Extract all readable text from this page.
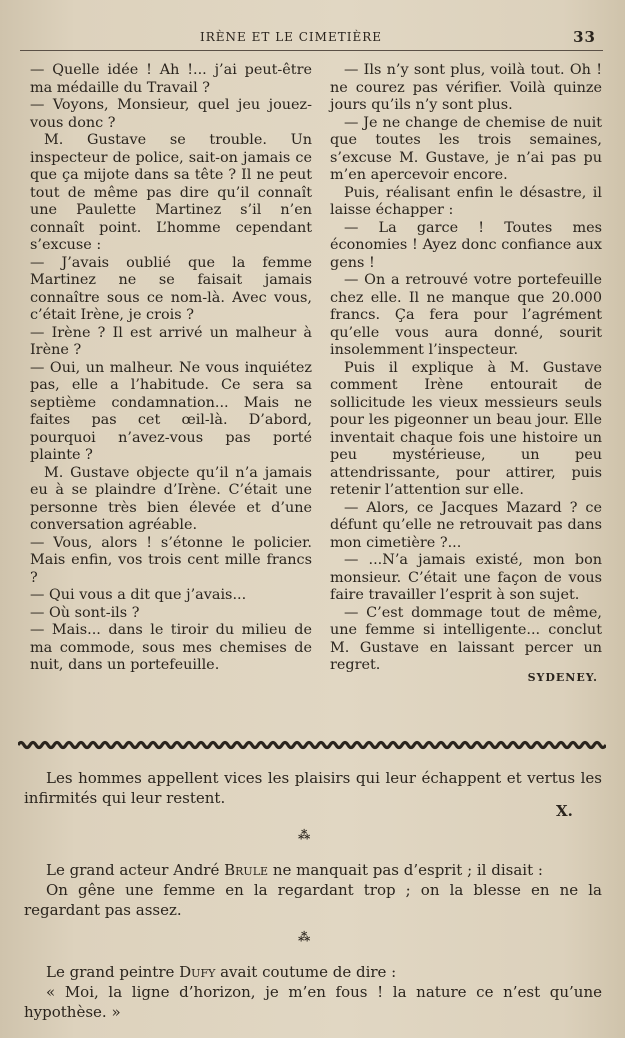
IRÈNE ET LE CIMETIÈRE	33

— Quelle idée ! Ah !... j’ai peut-être ma médaille du Travail ?

— Voyons, Monsieur, quel jeu jouez-vous donc ?

M. Gustave se trouble. Un inspecteur de police, sait-on jamais ce que ça mijote dans sa tête ? Il ne peut tout de même pas dire qu’il connaît une Paulette Martinez s’il n’en connaît point. L’homme cependant s’excuse :

— J’avais oublié que la femme Martinez ne se faisait jamais connaître sous ce nom-là. Avec vous, c’était Irène, je crois ?

— Irène ? Il est arrivé un malheur à Irène ?

— Oui, un malheur. Ne vous inquiétez pas, elle a l’habitude. Ce sera sa septième condamnation... Mais ne faites pas cet œil-là. D’abord, pourquoi n’avez-vous pas porté plainte ?

M. Gustave objecte qu’il n’a jamais eu à se plaindre d’Irène. C’était une personne très bien élevée et d’une conversation agréable.

— Vous, alors ! s’étonne le policier. Mais enfin, vos trois cent mille francs ?

— Qui vous a dit que j’avais...

— Où sont-ils ?

— Mais... dans le tiroir du milieu de ma commode, sous mes chemises de nuit, dans un portefeuille.

— Ils n’y sont plus, voilà tout. Oh ! ne courez pas vérifier. Voilà quinze jours qu’ils n’y sont plus.

— Je ne change de chemise de nuit que toutes les trois semaines, s’excuse M. Gustave, je n’ai pas pu m’en apercevoir encore.

Puis, réalisant enfin le désastre, il laisse échapper :

— La garce ! Toutes mes économies ! Ayez donc confiance aux gens !

— On a retrouvé votre portefeuille chez elle. Il ne manque que 20.000 francs. Ça fera pour l’agrément qu’elle vous aura donné, sourit insolemment l’inspecteur.

Puis il explique à M. Gustave comment Irène entourait de sollicitude les vieux messieurs seuls pour les pigeonner un beau jour. Elle inventait chaque fois une histoire un peu mystérieuse, un peu attendrissante, pour attirer, puis retenir l’attention sur elle.

— Alors, ce Jacques Mazard ? ce défunt qu’elle ne retrouvait pas dans mon cimetière ?...

— ...N’a jamais existé, mon bon monsieur. C’était une façon de vous faire travailler l’esprit à son sujet.

— C’est dommage tout de même, une femme si intelligente... conclut M. Gustave en laissant percer un regret.

SYDENEY.

Les hommes appellent vices les plaisirs qui leur échappent et vertus les infirmités qui leur restent.

X.
⁂

Le grand acteur André Brule ne manquait pas d’esprit ; il disait :

On gêne une femme en la regardant trop ; on la blesse en ne la regardant pas assez.

⁂

Le grand peintre Dufy avait coutume de dire :

« Moi, la ligne d’horizon, je m’en fous ! la nature ce n’est qu’une hypothèse. »
